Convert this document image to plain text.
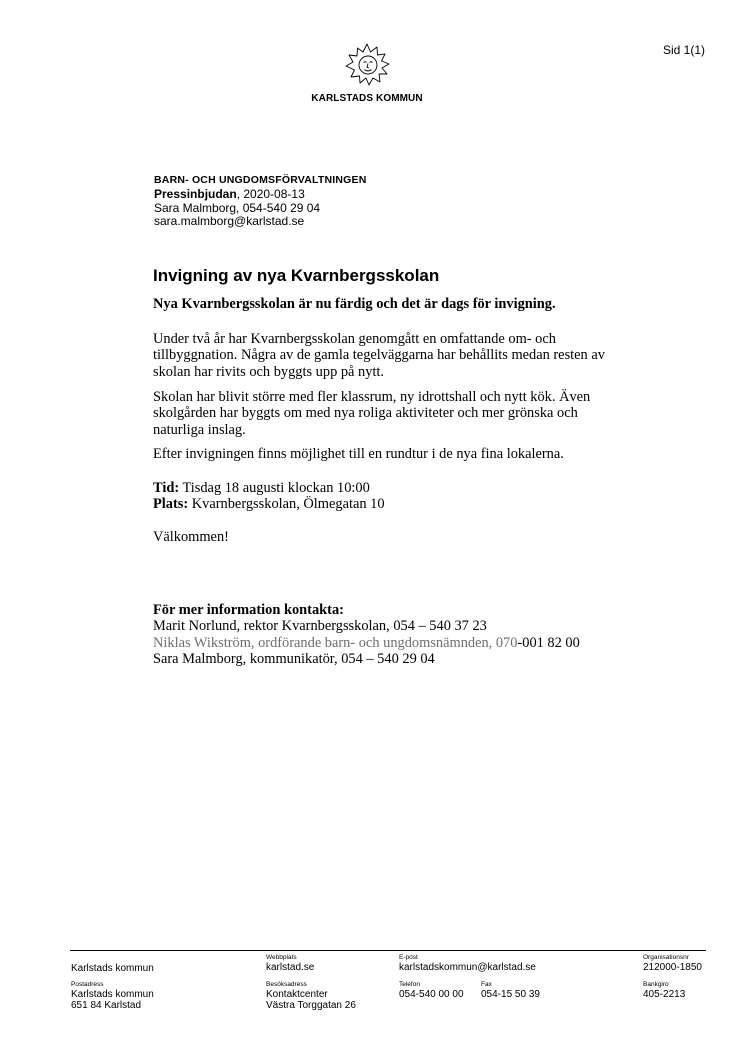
Sid 1(1)
KARLSTADS KOMMUN
BARN- OCH UNGDOMSFÖRVALTNINGEN
Pressinbjudan, 2020-08-13
Sara Malmborg, 054-540 29 04
sara.malmborg@karlstad.se
Invigning av nya Kvarnbergsskolan

Nya Kvarnbergsskolan är nu färdig och det är dags för invigning.

Under två år har Kvarnbergsskolan genomgått en omfattande om- och tillbyggnation. Några av de gamla tegelväggarna har behållits medan resten av skolan har rivits och byggts upp på nytt.

Skolan har blivit större med fler klassrum, ny idrottshall och nytt kök. Även skolgården har byggts om med nya roliga aktiviteter och mer grönska och naturliga inslag.

Efter invigningen finns möjlighet till en rundtur i de nya fina lokalerna.

Tid: Tisdag 18 augusti klockan 10:00
Plats: Kvarnbergsskolan, Ölmegatan 10
Välkommen!
För mer information kontakta:
Marit Norlund, rektor Kvarnbergsskolan, 054 – 540 37 23
Niklas Wikström, ordförande barn- och ungdomsnämnden, 070-001 82 00
Sara Malmborg, kommunikatör, 054 – 540 29 04
Karlstads kommun
Webbplats
karlstad.se
E-post
karlstadskommun@karlstad.se
Organisationsnr
212000-1850
Postadress
Karlstads kommun
651 84 Karlstad
Besöksadress
Kontaktcenter
Västra Torggatan 26
Telefon
054-540 00 00
Fax
054-15 50 39
Bankgiro
405-2213
